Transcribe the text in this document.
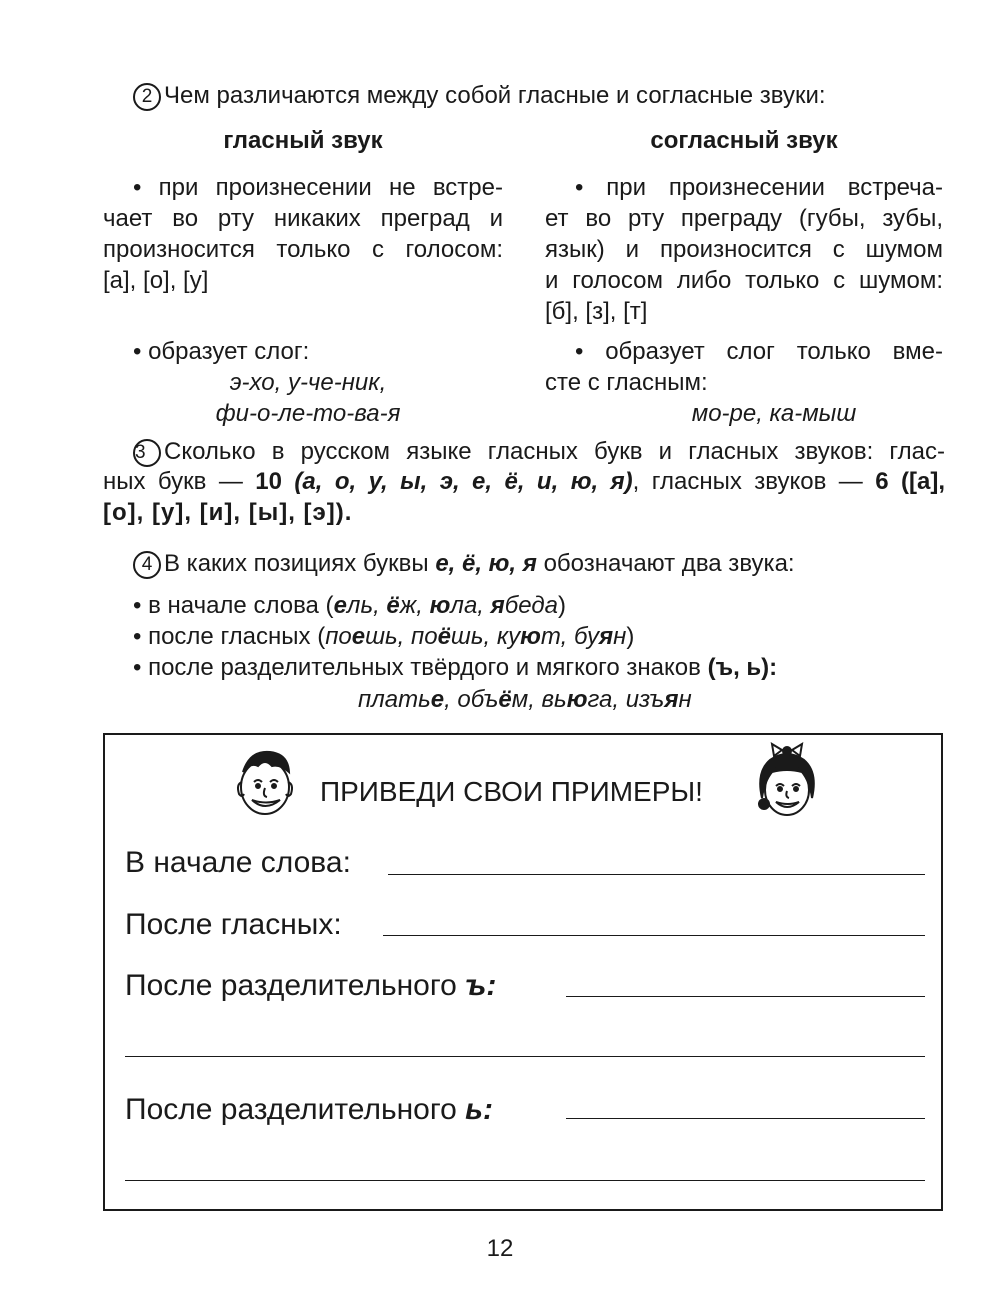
2 Чем различаются между собой гласные и согласные звуки:

гласный звук

• при произнесении не встре-

чает во рту никаких преград и

произносится только с голосом:

[а], [о], [у]

• образует слог:

э-хо, у-че-ник,

фи-о-ле-то-ва-я

согласный звук

• при произнесении встреча-

ет во рту преграду (губы, зубы,

язык) и произносится с шумом

и голосом либо только с шумом:

[б], [з], [т]

• образует слог только вме-

сте с гласным:

мо-ре, ка-мыш

3 Сколько в русском языке гласных букв и гласных звуков: глас-
ных букв — 10 (а, о, у, ы, э, е, ё, и, ю, я), гласных звуков — 6 ([а],
[о], [у], [и], [ы], [э]).
4 В каких позициях буквы е, ё, ю, я обозначают два звука:
• в начале слова (ель, ёж, юла, ябеда)
• после гласных (поешь, поёшь, куют, буян)
• после разделительных твёрдого и мягкого знаков (ъ, ь):
платье, объём, вьюга, изъян
ПРИВЕДИ СВОИ ПРИМЕРЫ!
В начале слова:
После гласных:
После разделительного ъ:
После разделительного ь:
12
